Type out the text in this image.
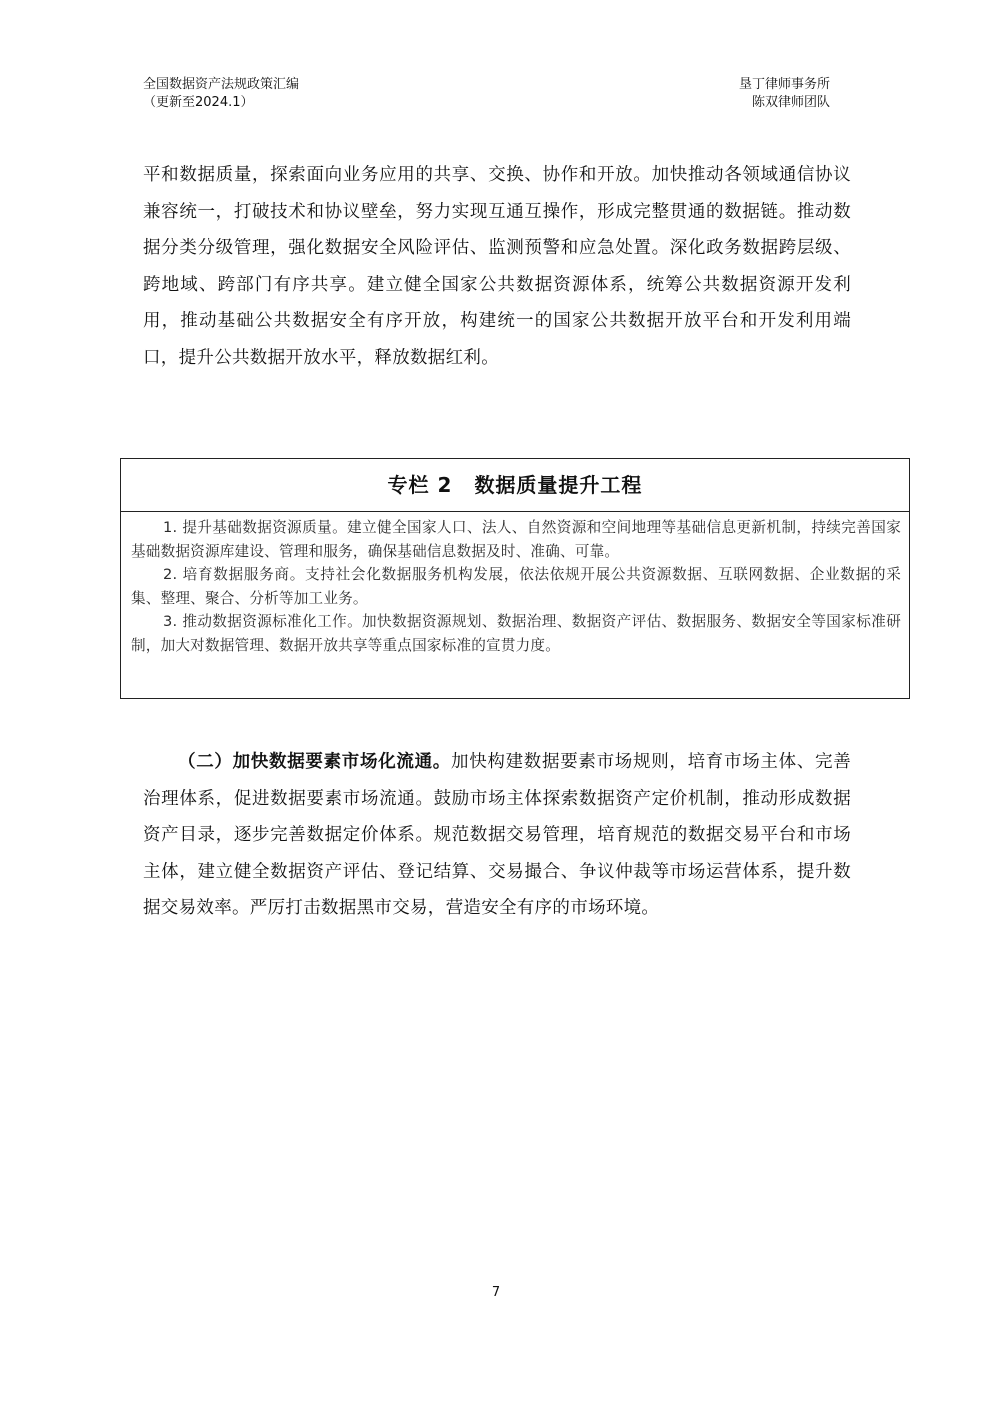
全国数据资产法规政策汇编
（更新至2024.1）
垦丁律师事务所
陈双律师团队

平和数据质量，探索面向业务应用的共享、交换、协作和开放。加快推动各领域通信协议兼容统一，打破技术和协议壁垒，努力实现互通互操作，形成完整贯通的数据链。推动数据分类分级管理，强化数据安全风险评估、监测预警和应急处置。深化政务数据跨层级、跨地域、跨部门有序共享。建立健全国家公共数据资源体系，统筹公共数据资源开发利用，推动基础公共数据安全有序开放，构建统一的国家公共数据开放平台和开发利用端口，提升公共数据开放水平，释放数据红利。

专栏 2 数据质量提升工程

1. 提升基础数据资源质量。建立健全国家人口、法人、自然资源和空间地理等基础信息更新机制，持续完善国家基础数据资源库建设、管理和服务，确保基础信息数据及时、准确、可靠。

2. 培育数据服务商。支持社会化数据服务机构发展，依法依规开展公共资源数据、互联网数据、企业数据的采集、整理、聚合、分析等加工业务。

3. 推动数据资源标准化工作。加快数据资源规划、数据治理、数据资产评估、数据服务、数据安全等国家标准研制，加大对数据管理、数据开放共享等重点国家标准的宣贯力度。

（二）加快数据要素市场化流通。加快构建数据要素市场规则，培育市场主体、完善治理体系，促进数据要素市场流通。鼓励市场主体探索数据资产定价机制，推动形成数据资产目录，逐步完善数据定价体系。规范数据交易管理，培育规范的数据交易平台和市场主体，建立健全数据资产评估、登记结算、交易撮合、争议仲裁等市场运营体系，提升数据交易效率。严厉打击数据黑市交易，营造安全有序的市场环境。

7
